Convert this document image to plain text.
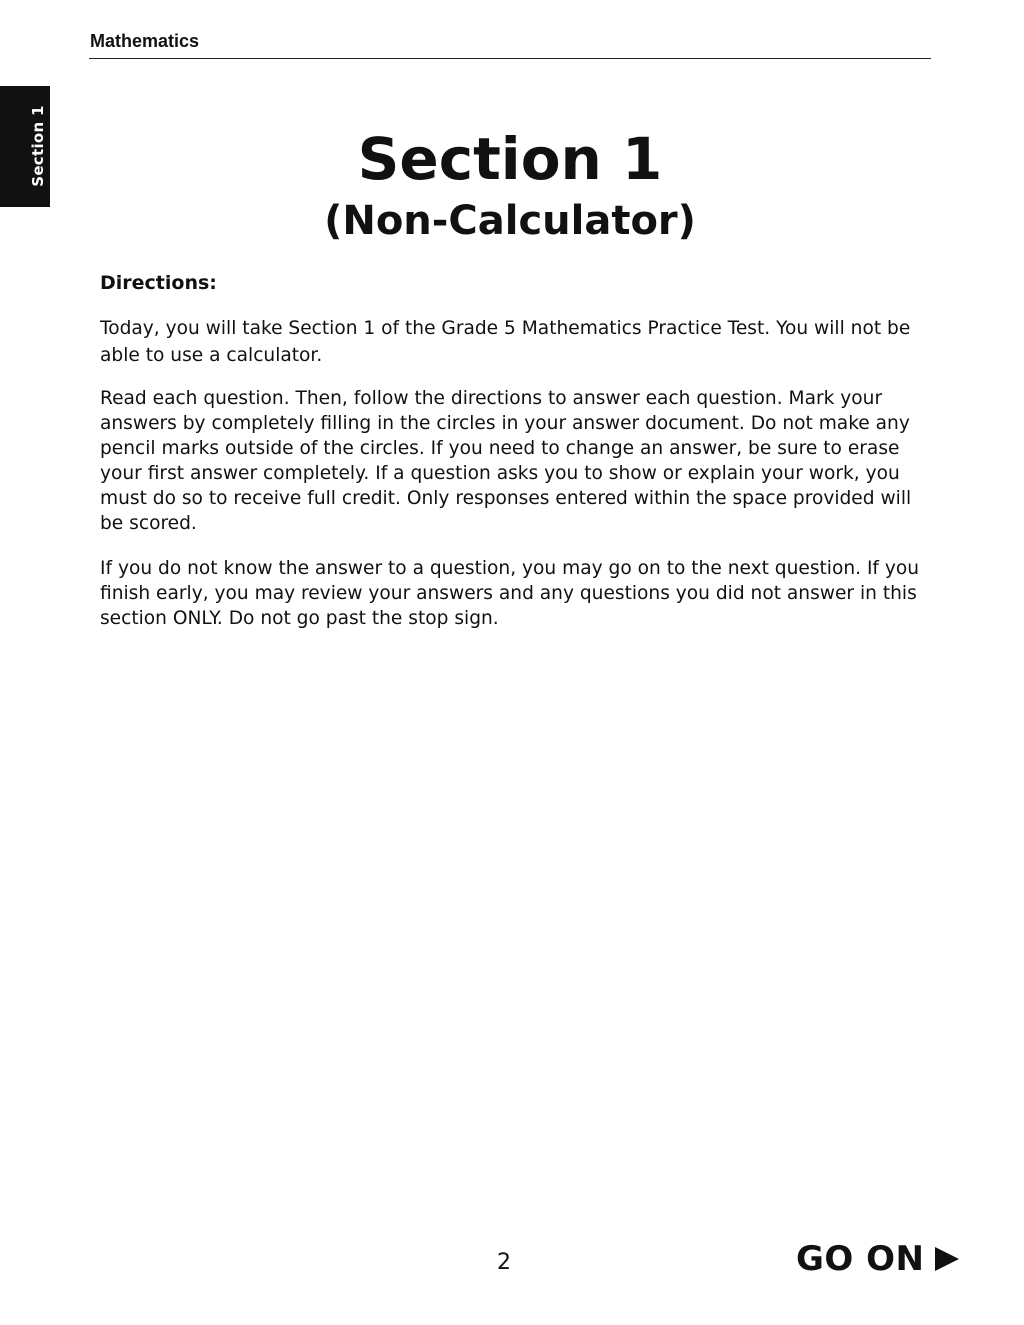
Mathematics
Section 1	Section 1
(Non-Calculator)
Directions:

Today, you will take Section 1 of the Grade 5 Mathematics Practice Test. You will not be able to use a calculator.

Read each question. Then, follow the directions to answer each question. Mark your answers by completely filling in the circles in your answer document. Do not make any pencil marks outside of the circles. If you need to change an answer, be sure to erase your first answer completely. If a question asks you to show or explain your work, you must do so to receive full credit. Only responses entered within the space provided will be scored.

If you do not know the answer to a question, you may go on to the next question. If you finish early, you may review your answers and any questions you did not answer in this section ONLY. Do not go past the stop sign.

2	GO ON
